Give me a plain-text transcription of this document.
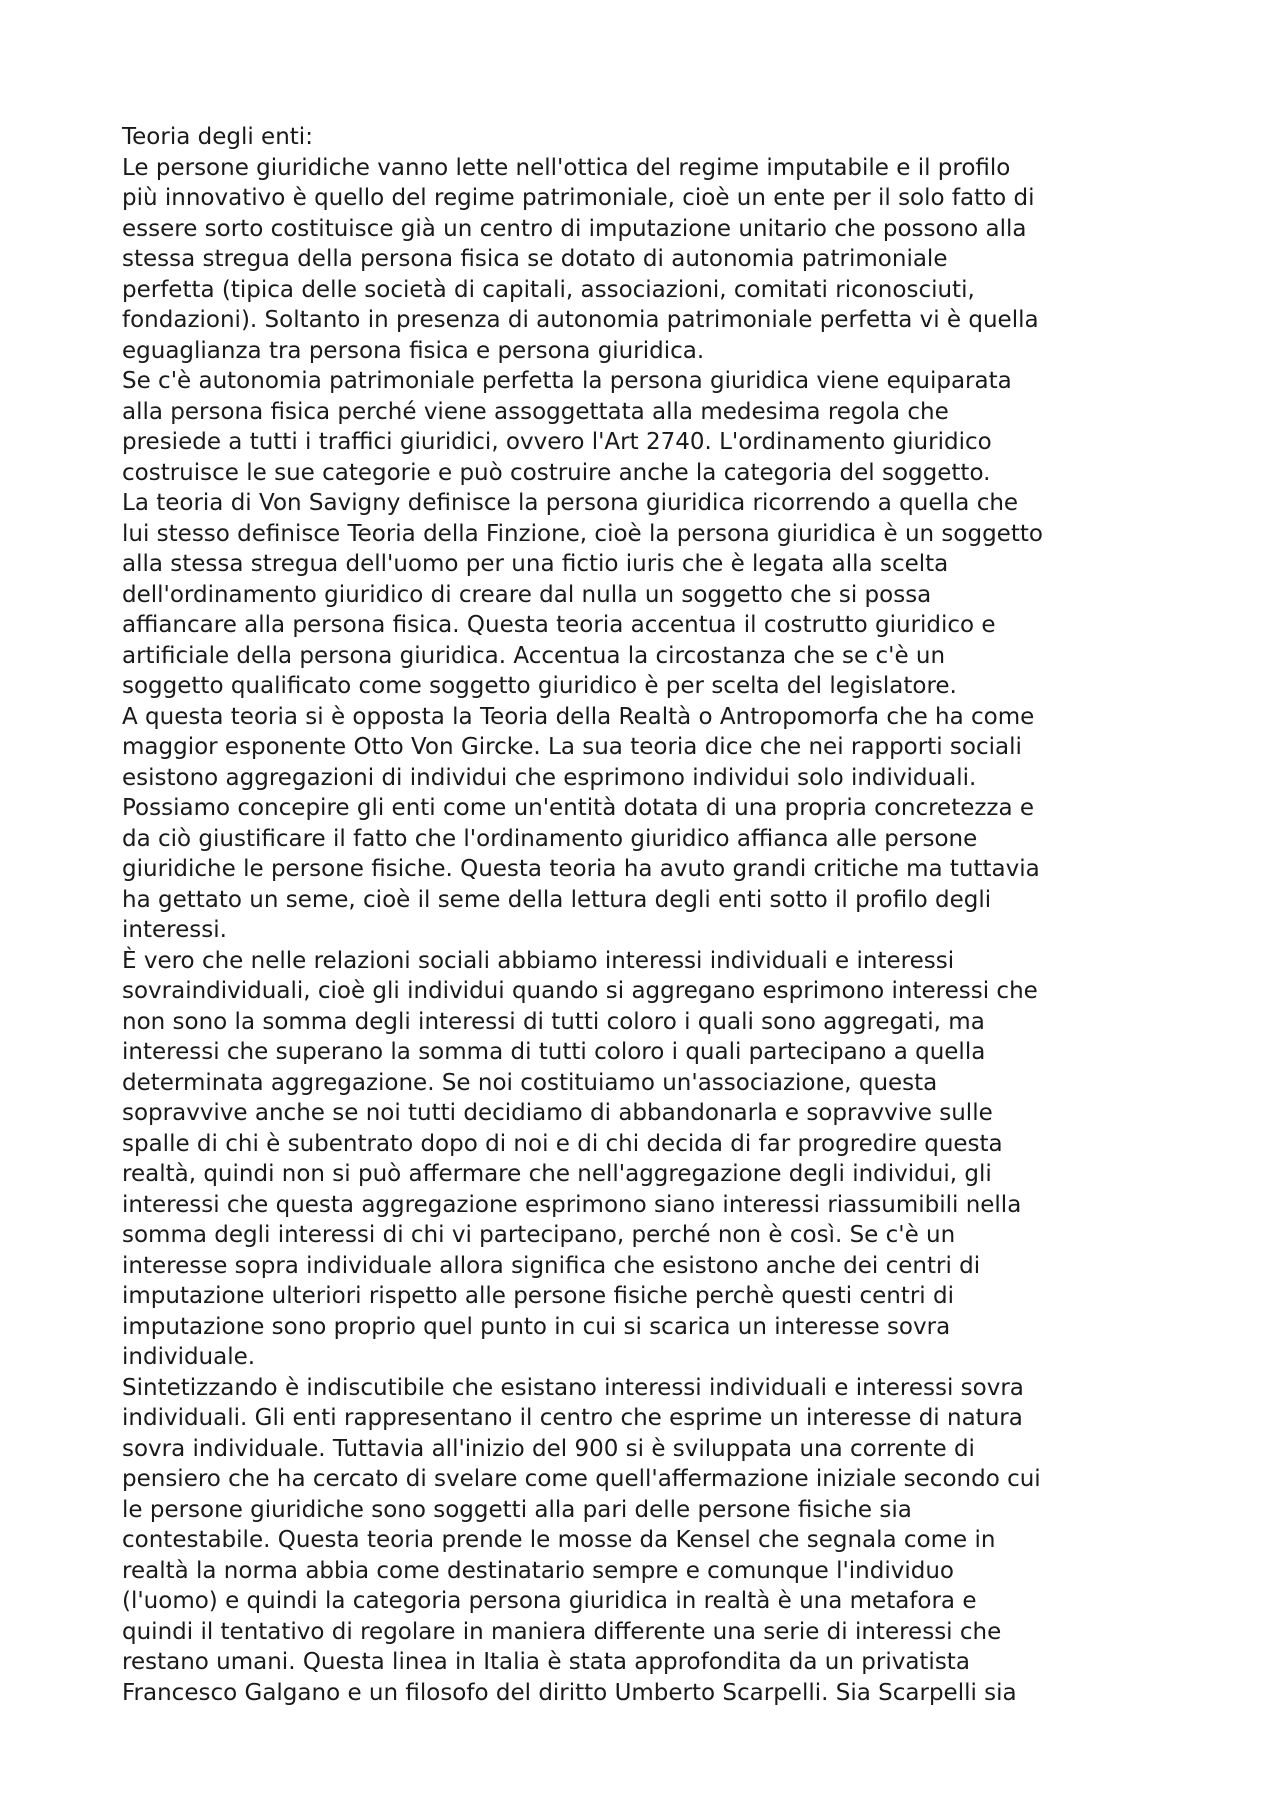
Teoria degli enti:
Le persone giuridiche vanno lette nell'ottica del regime imputabile e il profilo
più innovativo è quello del regime patrimoniale, cioè un ente per il solo fatto di
essere sorto costituisce già un centro di imputazione unitario che possono alla
stessa stregua della persona fisica se dotato di autonomia patrimoniale
perfetta (tipica delle società di capitali, associazioni, comitati riconosciuti,
fondazioni). Soltanto in presenza di autonomia patrimoniale perfetta vi è quella
eguaglianza tra persona fisica e persona giuridica.
Se c'è autonomia patrimoniale perfetta la persona giuridica viene equiparata
alla persona fisica perché viene assoggettata alla medesima regola che
presiede a tutti i traffici giuridici, ovvero l'Art 2740. L'ordinamento giuridico
costruisce le sue categorie e può costruire anche la categoria del soggetto.
La teoria di Von Savigny definisce la persona giuridica ricorrendo a quella che
lui stesso definisce Teoria della Finzione, cioè la persona giuridica è un soggetto
alla stessa stregua dell'uomo per una fictio iuris che è legata alla scelta
dell'ordinamento giuridico di creare dal nulla un soggetto che si possa
affiancare alla persona fisica. Questa teoria accentua il costrutto giuridico e
artificiale della persona giuridica. Accentua la circostanza che se c'è un
soggetto qualificato come soggetto giuridico è per scelta del legislatore.
A questa teoria si è opposta la Teoria della Realtà o Antropomorfa che ha come
maggior esponente Otto Von Gircke. La sua teoria dice che nei rapporti sociali
esistono aggregazioni di individui che esprimono individui solo individuali.
Possiamo concepire gli enti come un'entità dotata di una propria concretezza e
da ciò giustificare il fatto che l'ordinamento giuridico affianca alle persone
giuridiche le persone fisiche. Questa teoria ha avuto grandi critiche ma tuttavia
ha gettato un seme, cioè il seme della lettura degli enti sotto il profilo degli
interessi.
È vero che nelle relazioni sociali abbiamo interessi individuali e interessi
sovraindividuali, cioè gli individui quando si aggregano esprimono interessi che
non sono la somma degli interessi di tutti coloro i quali sono aggregati, ma
interessi che superano la somma di tutti coloro i quali partecipano a quella
determinata aggregazione. Se noi costituiamo un'associazione, questa
sopravvive anche se noi tutti decidiamo di abbandonarla e sopravvive sulle
spalle di chi è subentrato dopo di noi e di chi decida di far progredire questa
realtà, quindi non si può affermare che nell'aggregazione degli individui, gli
interessi che questa aggregazione esprimono siano interessi riassumibili nella
somma degli interessi di chi vi partecipano, perché non è così. Se c'è un
interesse sopra individuale allora significa che esistono anche dei centri di
imputazione ulteriori rispetto alle persone fisiche perchè questi centri di
imputazione sono proprio quel punto in cui si scarica un interesse sovra
individuale.
Sintetizzando è indiscutibile che esistano interessi individuali e interessi sovra
individuali. Gli enti rappresentano il centro che esprime un interesse di natura
sovra individuale. Tuttavia all'inizio del 900 si è sviluppata una corrente di
pensiero che ha cercato di svelare come quell'affermazione iniziale secondo cui
le persone giuridiche sono soggetti alla pari delle persone fisiche sia
contestabile. Questa teoria prende le mosse da Kensel che segnala come in
realtà la norma abbia come destinatario sempre e comunque l'individuo
(l'uomo) e quindi la categoria persona giuridica in realtà è una metafora e
quindi il tentativo di regolare in maniera differente una serie di interessi che
restano umani. Questa linea in Italia è stata approfondita da un privatista
Francesco Galgano e un filosofo del diritto Umberto Scarpelli. Sia Scarpelli sia
